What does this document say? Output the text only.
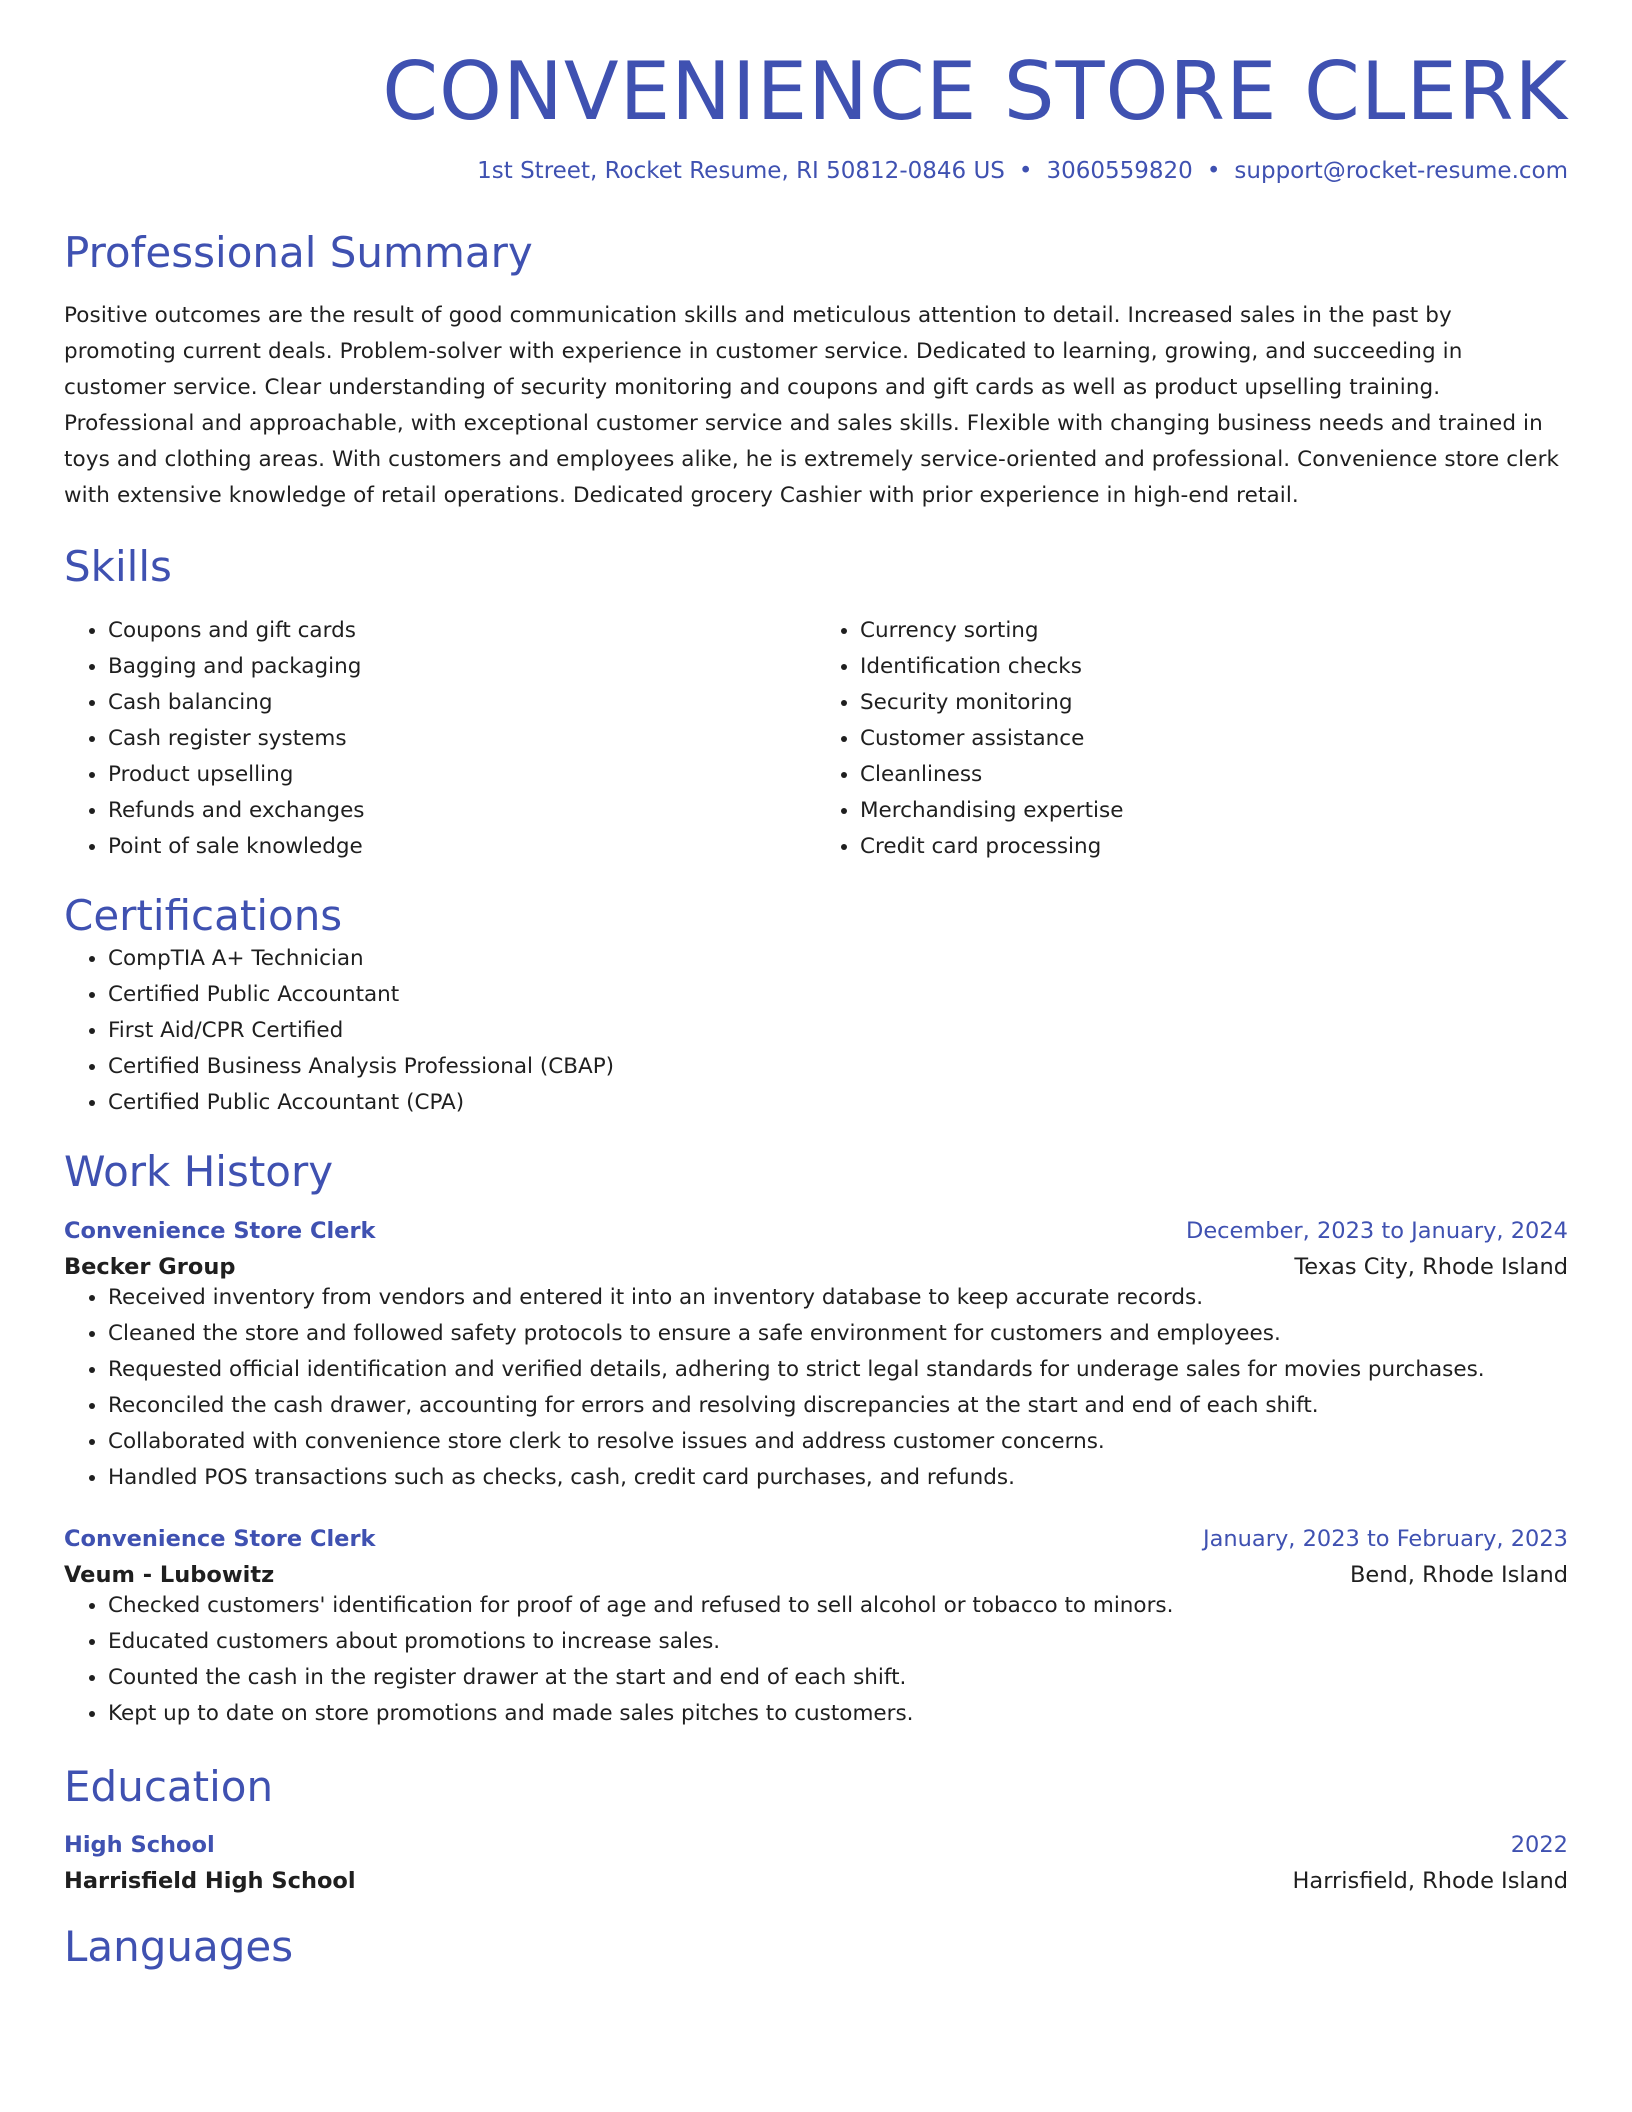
CONVENIENCE STORE CLERK
1st Street, Rocket Resume, RI 50812-0846 US • 3060559820 • support@rocket-resume.com
Professional Summary
Positive outcomes are the result of good communication skills and meticulous attention to detail. Increased sales in the past by promoting current deals. Problem-solver with experience in customer service. Dedicated to learning, growing, and succeeding in customer service. Clear understanding of security monitoring and coupons and gift cards as well as product upselling training. Professional and approachable, with exceptional customer service and sales skills. Flexible with changing business needs and trained in toys and clothing areas. With customers and employees alike, he is extremely service-oriented and professional. Convenience store clerk with extensive knowledge of retail operations. Dedicated grocery Cashier with prior experience in high-end retail.
Skills
• Coupons and gift cards
• Bagging and packaging
• Cash balancing
• Cash register systems
• Product upselling
• Refunds and exchanges
• Point of sale knowledge
• Currency sorting
• Identification checks
• Security monitoring
• Customer assistance
• Cleanliness
• Merchandising expertise
• Credit card processing
Certifications
• CompTIA A+ Technician
• Certified Public Accountant
• First Aid/CPR Certified
• Certified Business Analysis Professional (CBAP)
• Certified Public Accountant (CPA)
Work History
Convenience Store Clerk	December, 2023 to January, 2024
Becker Group	Texas City, Rhode Island
• Received inventory from vendors and entered it into an inventory database to keep accurate records.
• Cleaned the store and followed safety protocols to ensure a safe environment for customers and employees.
• Requested official identification and verified details, adhering to strict legal standards for underage sales for movies purchases.
• Reconciled the cash drawer, accounting for errors and resolving discrepancies at the start and end of each shift.
• Collaborated with convenience store clerk to resolve issues and address customer concerns.
• Handled POS transactions such as checks, cash, credit card purchases, and refunds.
Convenience Store Clerk	January, 2023 to February, 2023
Veum - Lubowitz	Bend, Rhode Island
• Checked customers' identification for proof of age and refused to sell alcohol or tobacco to minors.
• Educated customers about promotions to increase sales.
• Counted the cash in the register drawer at the start and end of each shift.
• Kept up to date on store promotions and made sales pitches to customers.
Education
High School	2022
Harrisfield High School	Harrisfield, Rhode Island
Languages
